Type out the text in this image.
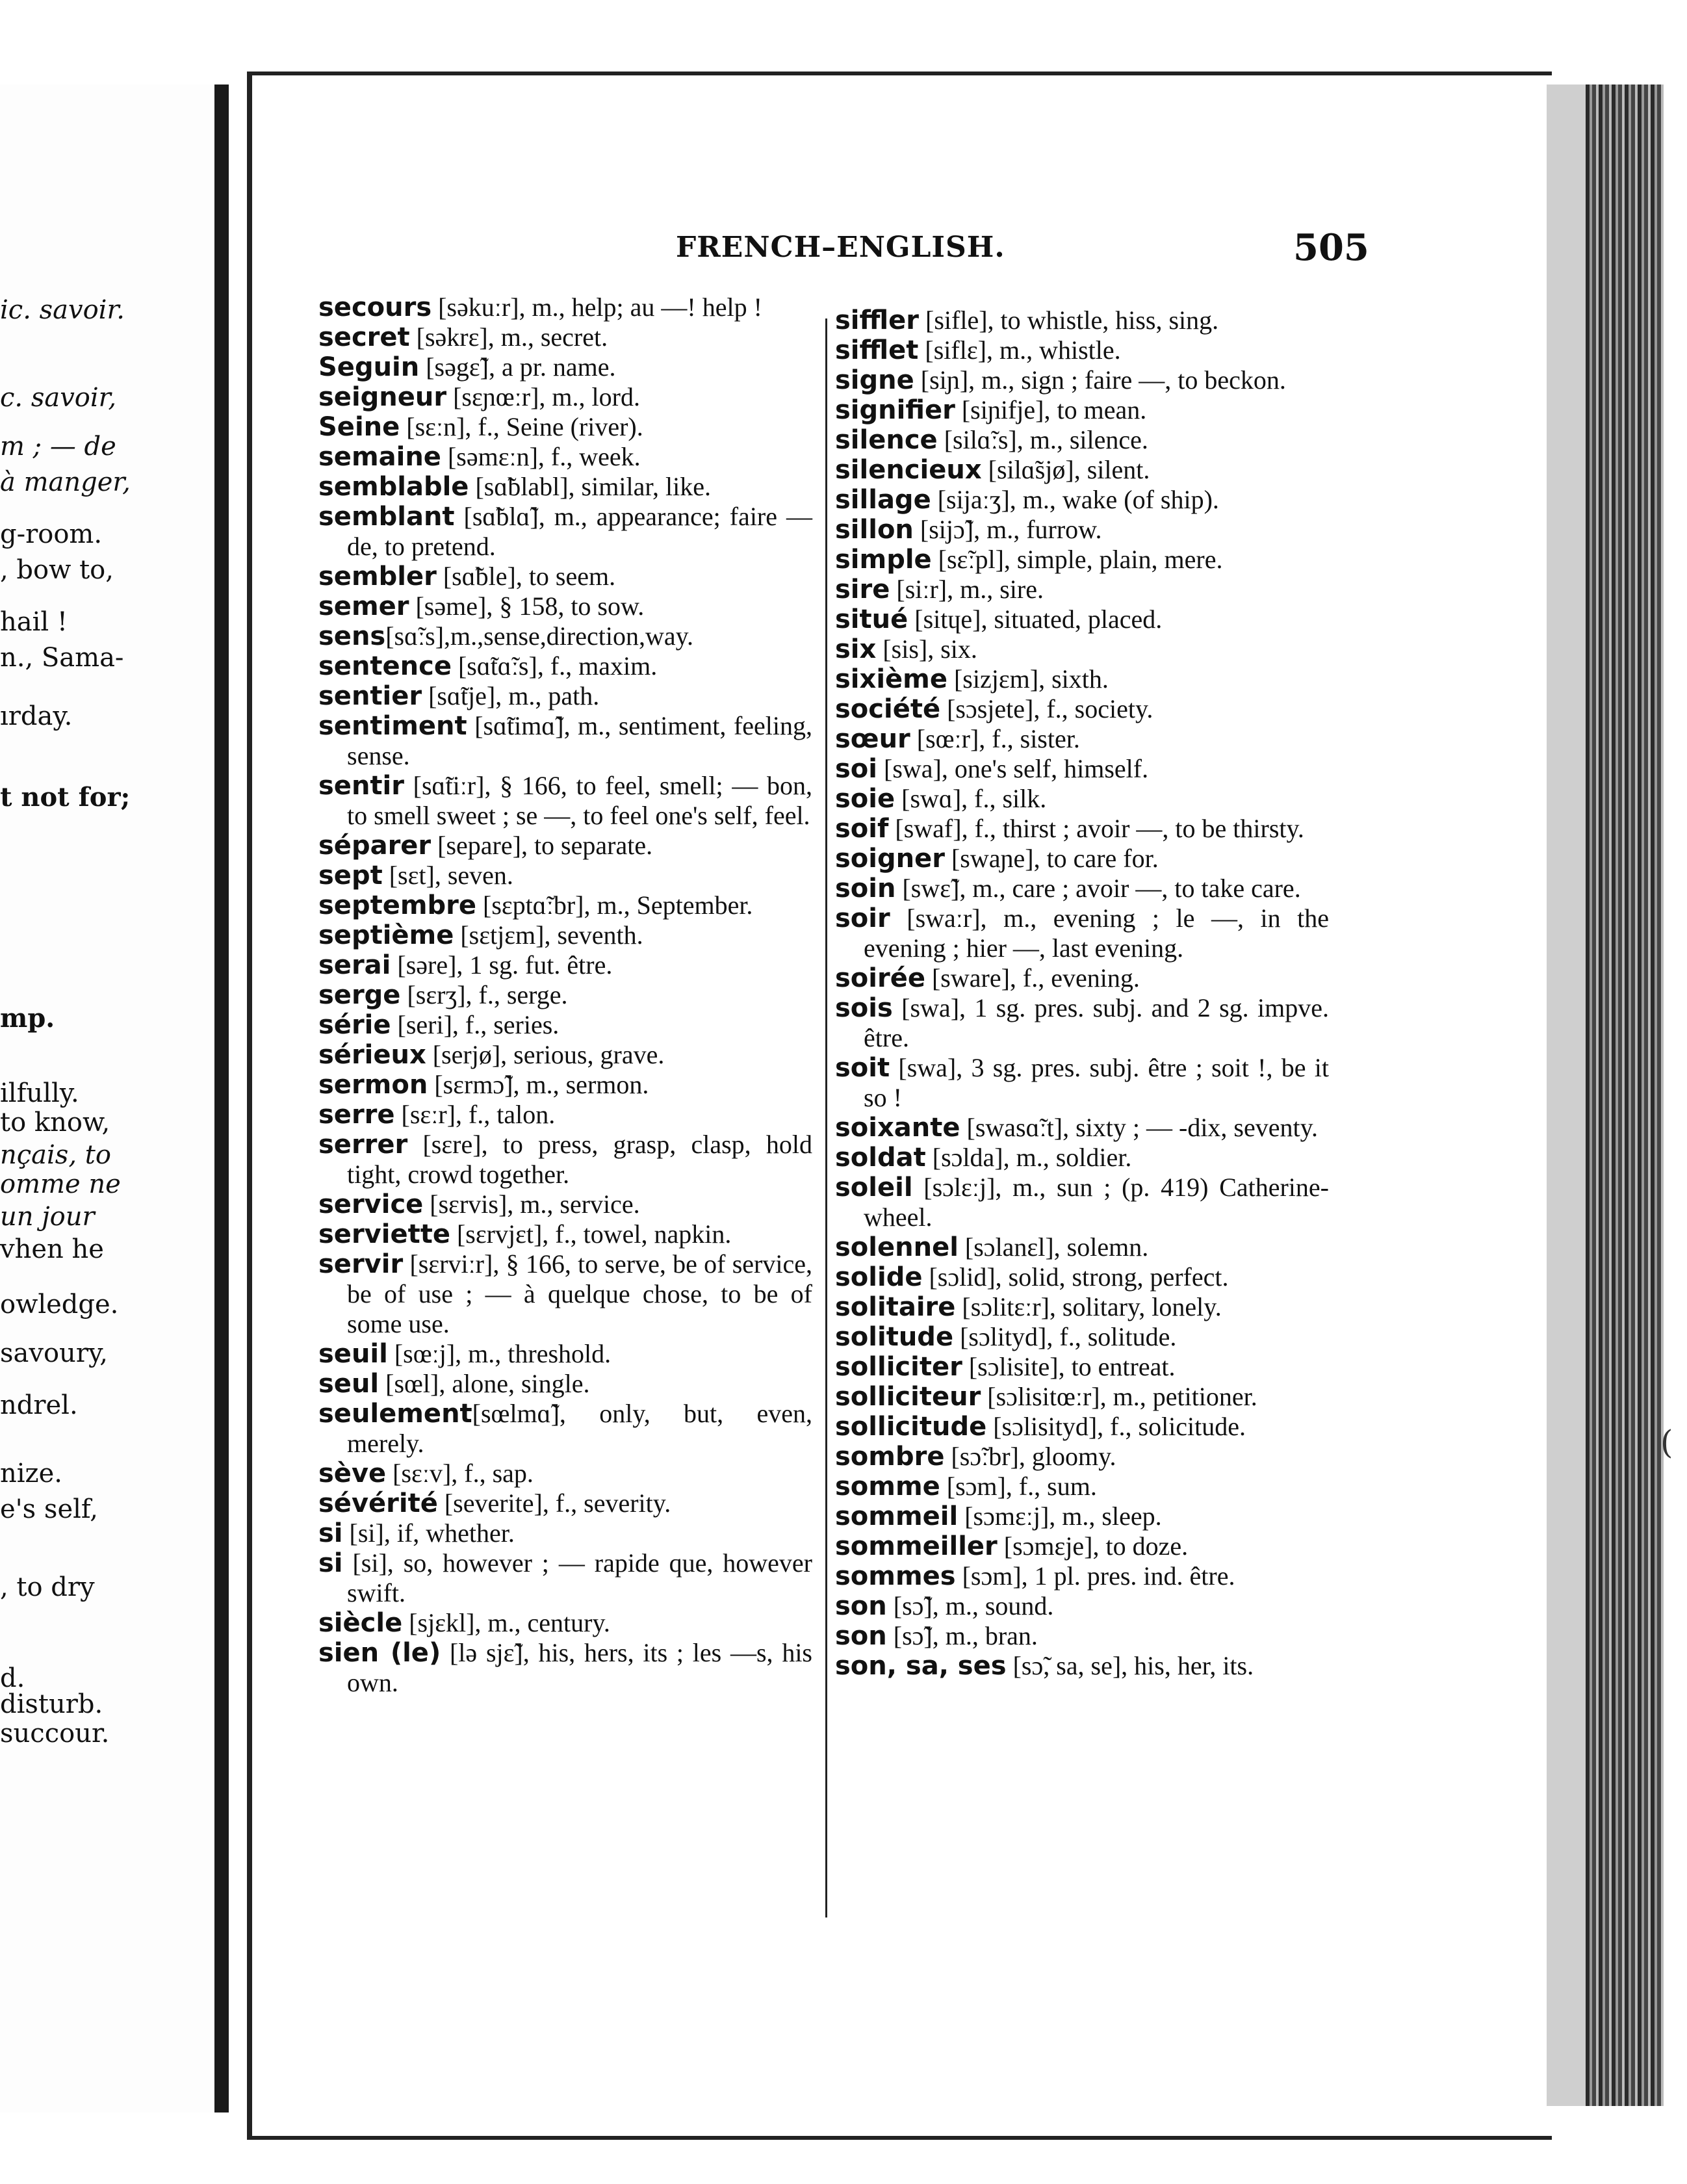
ic. savoir.
c. savoir,
m ; — de
à manger,
g-room.
, bow to,
hail !
n., Sama-
ırday.
t not for;
mp.
ilfully.
to know,
nçais, to
omme ne
un jour
vhen he
owledge.
savoury,
ndrel.
nize.
e's self,
, to dry
d.
disturb.
succour.
FRENCH–ENGLISH.	505

secours [səkuːr], m., help; au —! help !

secret [səkrɛ], m., secret.

Seguin [səgɛ̃], a pr. name.

seigneur [sɛɲœːr], m., lord.

Seine [sɛːn], f., Seine (river).

semaine [səmɛːn], f., week.

semblable [sɑ̃blabl], similar, like.

semblant [sɑ̃blɑ̃], m., appearance; faire — de, to pretend.

sembler [sɑ̃ble], to seem.

semer [səme], § 158, to sow.

sens[sɑ̃ːs],m.,sense,direction,way.

sentence [sɑ̃tɑ̃ːs], f., maxim.

sentier [sɑ̃tje], m., path.

sentiment [sɑ̃timɑ̃], m., sentiment, feeling, sense.

sentir [sɑ̃tiːr], § 166, to feel, smell; — bon, to smell sweet ; se —, to feel one's self, feel.

séparer [separe], to separate.

sept [sɛt], seven.

septembre [sɛptɑ̃ːbr], m., September.

septième [sɛtjɛm], seventh.

serai [səre], 1 sg. fut. être.

serge [sɛrʒ], f., serge.

série [seri], f., series.

sérieux [serjø], serious, grave.

sermon [sɛrmɔ̃], m., sermon.

serre [sɛːr], f., talon.

serrer [sɛre], to press, grasp, clasp, hold tight, crowd together.

service [sɛrvis], m., service.

serviette [sɛrvjɛt], f., towel, napkin.

servir [sɛrviːr], § 166, to serve, be of service, be of use ; — à quelque chose, to be of some use.

seuil [sœːj], m., threshold.

seul [sœl], alone, single.

seulement[sœlmɑ̃], only, but, even, merely.

sève [sɛːv], f., sap.

sévérité [severite], f., severity.

si [si], if, whether.

si [si], so, however ; — rapide que, however swift.

siècle [sjɛkl], m., century.

sien (le) [lə sjɛ̃], his, hers, its ; les —s, his own.

siffler [sifle], to whistle, hiss, sing.

sifflet [siflɛ], m., whistle.

signe [siɲ], m., sign ; faire —, to beckon.

signifier [siɲifje], to mean.

silence [silɑ̃ːs], m., silence.

silencieux [silɑ̃sjø], silent.

sillage [sijaːʒ], m., wake (of ship).

sillon [sijɔ̃], m., furrow.

simple [sɛ̃ːpl], simple, plain, mere.

sire [siːr], m., sire.

situé [sitɥe], situated, placed.

six [sis], six.

sixième [sizjɛm], sixth.

société [sɔsjete], f., society.

sœur [sœːr], f., sister.

soi [swa], one's self, himself.

soie [swɑ], f., silk.

soif [swaf], f., thirst ; avoir —, to be thirsty.

soigner [swaɲe], to care for.

soin [swɛ̃], m., care ; avoir —, to take care.

soir [swaːr], m., evening ; le —, in the evening ; hier —, last evening.

soirée [sware], f., evening.

sois [swa], 1 sg. pres. subj. and 2 sg. impve. être.

soit [swa], 3 sg. pres. subj. être ; soit !, be it so !

soixante [swasɑ̃ːt], sixty ; — -dix, seventy.

soldat [sɔlda], m., soldier.

soleil [sɔlɛːj], m., sun ; (p. 419) Catherine-wheel.

solennel [sɔlanɛl], solemn.

solide [sɔlid], solid, strong, perfect.

solitaire [sɔlitɛːr], solitary, lonely.

solitude [sɔlityd], f., solitude.

solliciter [sɔlisite], to entreat.

solliciteur [sɔlisitœːr], m., petitioner.

sollicitude [sɔlisityd], f., solicitude.

sombre [sɔ̃ːbr], gloomy.

somme [sɔm], f., sum.

sommeil [sɔmɛːj], m., sleep.

sommeiller [sɔmɛje], to doze.

sommes [sɔm], 1 pl. pres. ind. être.

son [sɔ̃], m., sound.

son [sɔ̃], m., bran.

son, sa, ses [sɔ̃, sa, se], his, her, its.

(
